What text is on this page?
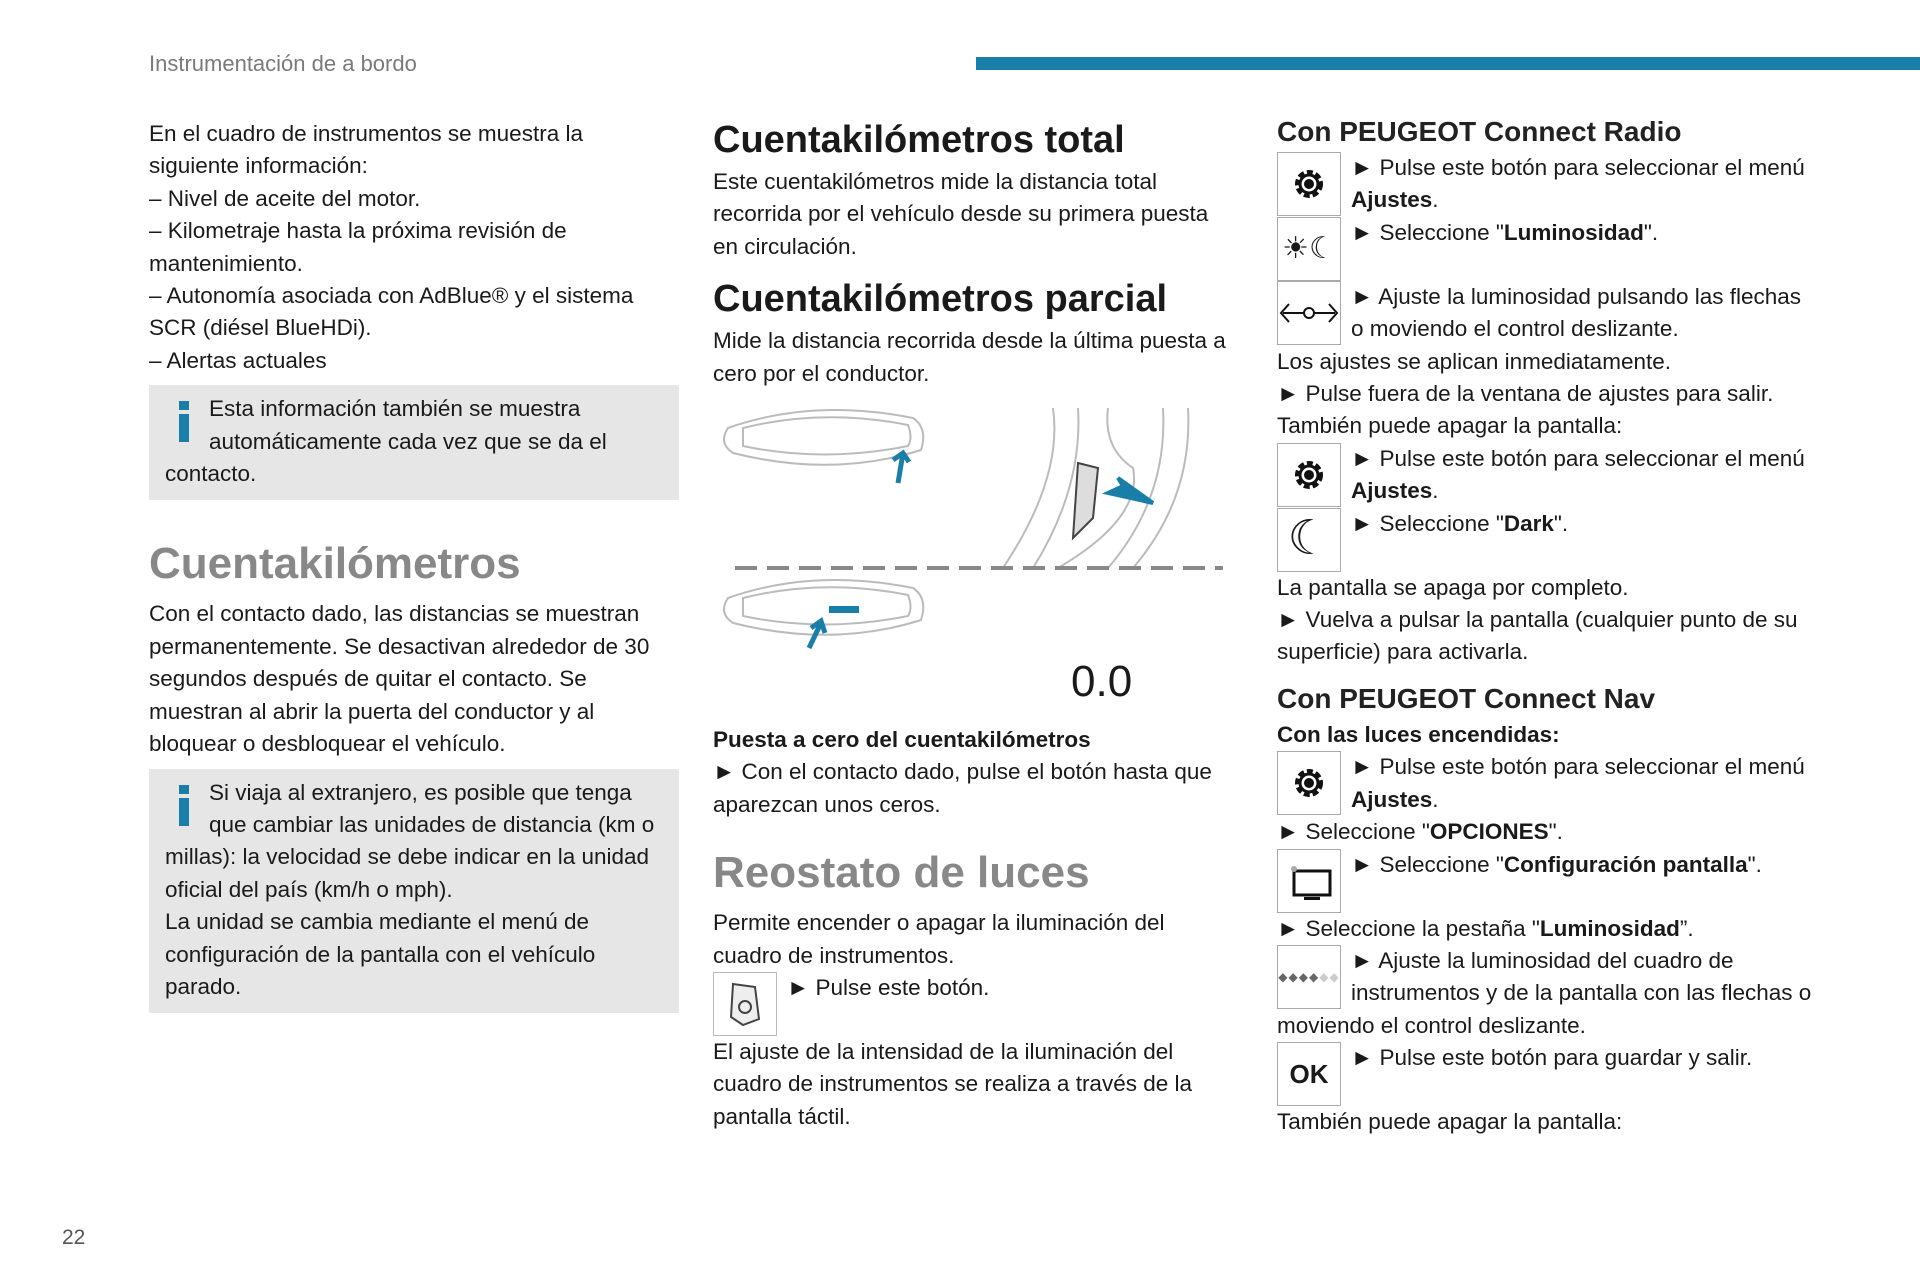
Instrumentación de a bordo
22

En el cuadro de instrumentos se muestra la siguiente información:

– Nivel de aceite del motor.

– Kilometraje hasta la próxima revisión de mantenimiento.

– Autonomía asociada con AdBlue® y el sistema SCR (diésel BlueHDi).

– Alertas actuales

Esta información también se muestra automáticamente cada vez que se da el contacto.
Cuentakilómetros

Con el contacto dado, las distancias se muestran permanentemente. Se desactivan alrededor de 30 segundos después de quitar el contacto. Se muestran al abrir la puerta del conductor y al bloquear o desbloquear el vehículo.

Si viaja al extranjero, es posible que tenga que cambiar las unidades de distancia (km o millas): la velocidad se debe indicar en la unidad oficial del país (km/h o mph).

La unidad se cambia mediante el menú de configuración de la pantalla con el vehículo parado.

Cuentakilómetros total

Este cuentakilómetros mide la distancia total recorrida por el vehículo desde su primera puesta en circulación.

Cuentakilómetros parcial

Mide la distancia recorrida desde la última puesta a cero por el conductor.

0.0

Puesta a cero del cuentakilómetros

► Con el contacto dado, pulse el botón hasta que aparezcan unos ceros.

Reostato de luces

Permite encender o apagar la iluminación del cuadro de instrumentos.

► Pulse este botón.

El ajuste de la intensidad de la iluminación del cuadro de instrumentos se realiza a través de la pantalla táctil.

Con PEUGEOT Connect Radio

► Pulse este botón para seleccionar el menú Ajustes.

☀☾ ► Seleccione "Luminosidad".

► Ajuste la luminosidad pulsando las flechas o moviendo el control deslizante.

Los ajustes se aplican inmediatamente.

► Pulse fuera de la ventana de ajustes para salir.

También puede apagar la pantalla:

► Pulse este botón para seleccionar el menú Ajustes.

☾ ► Seleccione "Dark".

La pantalla se apaga por completo.

► Vuelva a pulsar la pantalla (cualquier punto de su superficie) para activarla.

Con PEUGEOT Connect Nav

Con las luces encendidas:

► Pulse este botón para seleccionar el menú Ajustes.

► Seleccione "OPCIONES".

► Seleccione "Configuración pantalla".

► Seleccione la pestaña "Luminosidad”.

◆◆◆◆ ◆◆

► Ajuste la luminosidad del cuadro de instrumentos y de la pantalla con las flechas o moviendo el control deslizante.

OK

► Pulse este botón para guardar y salir.

También puede apagar la pantalla:
